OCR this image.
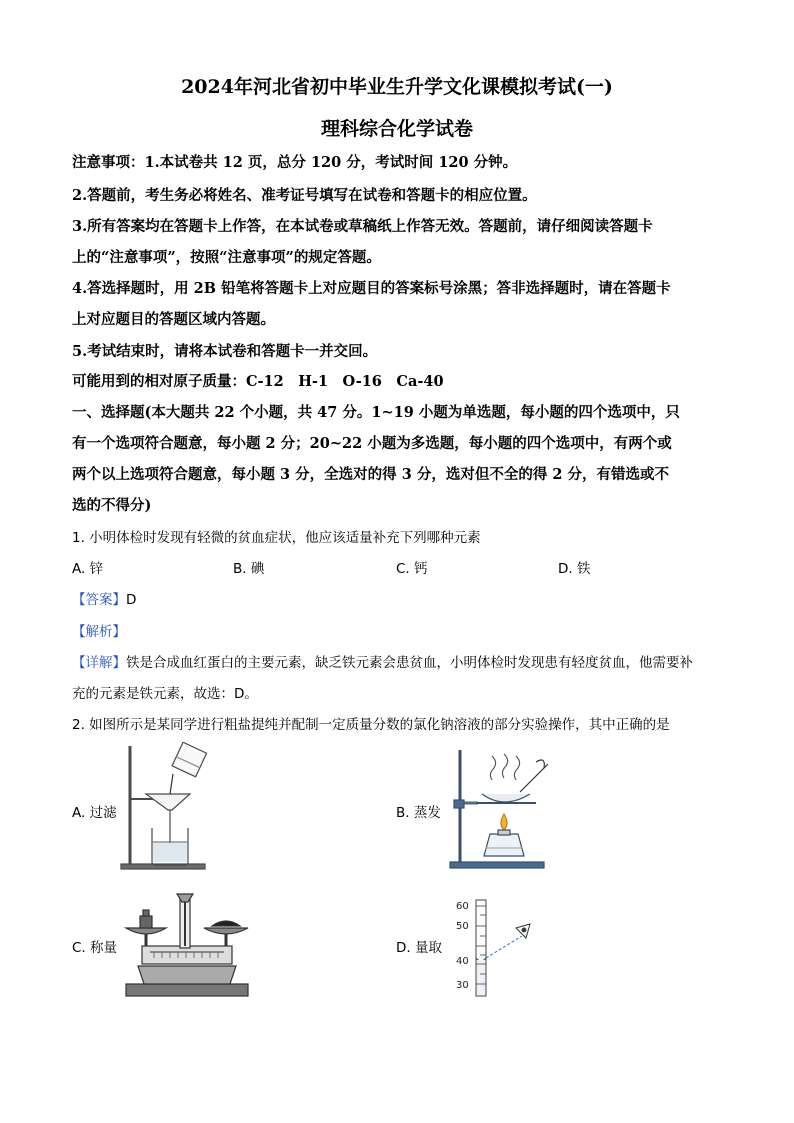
2024年河北省初中毕业生升学文化课模拟考试(一)
理科综合化学试卷
注意事项：1.本试卷共 12 页，总分 120 分，考试时间 120 分钟。
2.答题前，考生务必将姓名、准考证号填写在试卷和答题卡的相应位置。
3.所有答案均在答题卡上作答，在本试卷或草稿纸上作答无效。答题前，请仔细阅读答题卡
上的“注意事项”，按照“注意事项”的规定答题。
4.答选择题时，用 2B 铅笔将答题卡上对应题目的答案标号涂黑；答非选择题时，请在答题卡
上对应题目的答题区域内答题。
5.考试结束时，请将本试卷和答题卡一并交回。
可能用到的相对原子质量：C-12　H-1　O-16　Ca-40
一、选择题(本大题共 22 个小题，共 47 分。1~19 小题为单选题，每小题的四个选项中，只
有一个选项符合题意，每小题 2 分；20~22 小题为多选题，每小题的四个选项中，有两个或
两个以上选项符合题意，每小题 3 分，全选对的得 3 分，选对但不全的得 2 分，有错选或不
选的不得分)
1. 小明体检时发现有轻微的贫血症状，他应该适量补充下列哪种元素
A. 锌	B. 碘	C. 钙	D. 铁
【答案】D
【解析】
【详解】铁是合成血红蛋白的主要元素，缺乏铁元素会患贫血，小明体检时发现患有轻度贫血，他需要补
充的元素是铁元素，故选：D。
2. 如图所示是某同学进行粗盐提纯并配制一定质量分数的氯化钠溶液的部分实验操作，其中正确的是
A. 过滤	B. 蒸发
C. 称量	D. 量取
60
50
40
30
